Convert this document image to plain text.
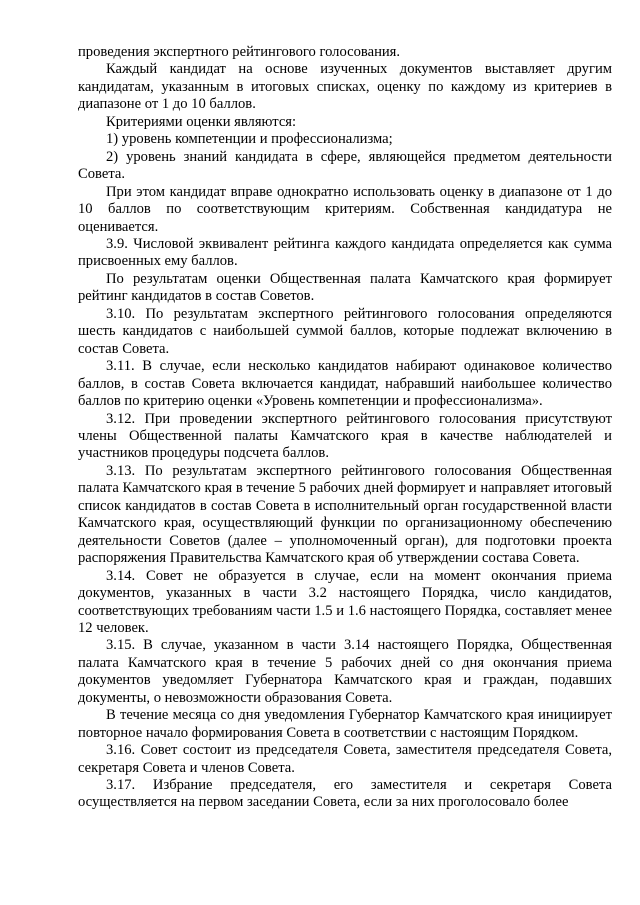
проведения экспертного рейтингового голосования.

Каждый кандидат на основе изученных документов выставляет другим кандидатам, указанным в итоговых списках, оценку по каждому из критериев в диапазоне от 1 до 10 баллов.

Критериями оценки являются:

1) уровень компетенции и профессионализма;

2) уровень знаний кандидата в сфере, являющейся предметом деятельности Совета.

При этом кандидат вправе однократно использовать оценку в диапазоне от 1 до 10 баллов по соответствующим критериям. Собственная кандидатура не оценивается.

3.9. Числовой эквивалент рейтинга каждого кандидата определяется как сумма присвоенных ему баллов.

По результатам оценки Общественная палата Камчатского края формирует рейтинг кандидатов в состав Советов.

3.10. По результатам экспертного рейтингового голосования определяются шесть кандидатов с наибольшей суммой баллов, которые подлежат включению в состав Совета.

3.11. В случае, если несколько кандидатов набирают одинаковое количество баллов, в состав Совета включается кандидат, набравший наибольшее количество баллов по критерию оценки «Уровень компетенции и профессионализма».

3.12. При проведении экспертного рейтингового голосования присутствуют члены Общественной палаты Камчатского края в качестве наблюдателей и участников процедуры подсчета баллов.

3.13. По результатам экспертного рейтингового голосования Общественная палата Камчатского края в течение 5 рабочих дней формирует и направляет итоговый список кандидатов в состав Совета в исполнительный орган государственной власти Камчатского края, осуществляющий функции по организационному обеспечению деятельности Советов (далее – уполномоченный орган), для подготовки проекта распоряжения Правительства Камчатского края об утверждении состава Совета.

3.14. Совет не образуется в случае, если на момент окончания приема документов, указанных в части 3.2 настоящего Порядка, число кандидатов, соответствующих требованиям части 1.5 и 1.6 настоящего Порядка, составляет менее 12 человек.

3.15. В случае, указанном в части 3.14 настоящего Порядка, Общественная палата Камчатского края в течение 5 рабочих дней со дня окончания приема документов уведомляет Губернатора Камчатского края и граждан, подавших документы, о невозможности образования Совета.

В течение месяца со дня уведомления Губернатор Камчатского края инициирует повторное начало формирования Совета в соответствии с настоящим Порядком.

3.16. Совет состоит из председателя Совета, заместителя председателя Совета, секретаря Совета и членов Совета.

3.17. Избрание председателя, его заместителя и секретаря Совета осуществляется на первом заседании Совета, если за них проголосовало более
